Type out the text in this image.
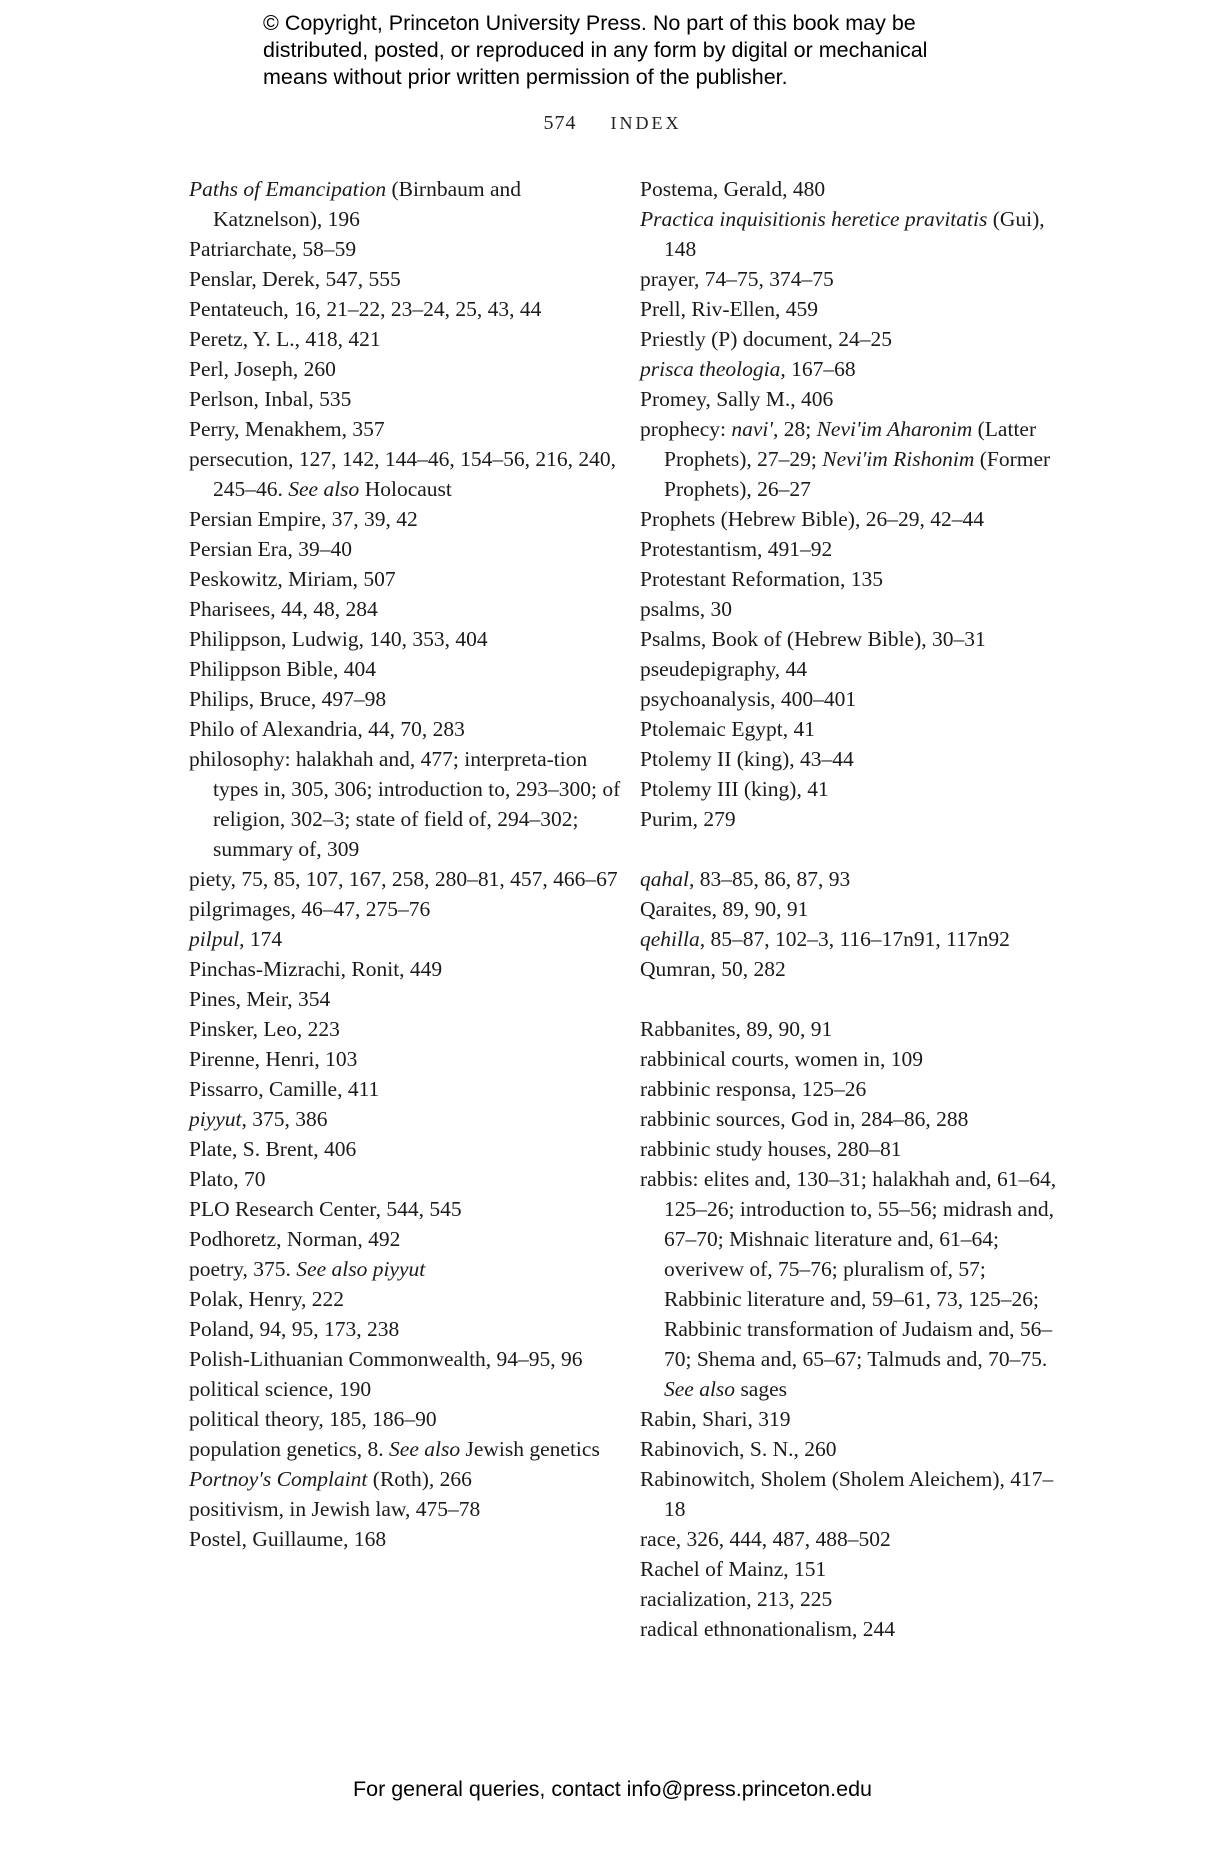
© Copyright, Princeton University Press. No part of this book may be
distributed, posted, or reproduced in any form by digital or mechanical
means without prior written permission of the publisher.
574 INDEX

Paths of Emancipation (Birnbaum and Katznelson), 196

Patriarchate, 58–59

Penslar, Derek, 547, 555

Pentateuch, 16, 21–22, 23–24, 25, 43, 44

Peretz, Y. L., 418, 421

Perl, Joseph, 260

Perlson, Inbal, 535

Perry, Menakhem, 357

persecution, 127, 142, 144–46, 154–56, 216, 240, 245–46. See also Holocaust

Persian Empire, 37, 39, 42

Persian Era, 39–40

Peskowitz, Miriam, 507

Pharisees, 44, 48, 284

Philippson, Ludwig, 140, 353, 404

Philippson Bible, 404

Philips, Bruce, 497–98

Philo of Alexandria, 44, 70, 283

philosophy: halakhah and, 477; interpreta-tion types in, 305, 306; introduction to, 293–300; of religion, 302–3; state of field of, 294–302; summary of, 309

piety, 75, 85, 107, 167, 258, 280–81, 457, 466–67

pilgrimages, 46–47, 275–76

pilpul, 174

Pinchas-Mizrachi, Ronit, 449

Pines, Meir, 354

Pinsker, Leo, 223

Pirenne, Henri, 103

Pissarro, Camille, 411

piyyut, 375, 386

Plate, S. Brent, 406

Plato, 70

PLO Research Center, 544, 545

Podhoretz, Norman, 492

poetry, 375. See also piyyut

Polak, Henry, 222

Poland, 94, 95, 173, 238

Polish-Lithuanian Commonwealth, 94–95, 96

political science, 190

political theory, 185, 186–90

population genetics, 8. See also Jewish genetics

Portnoy's Complaint (Roth), 266

positivism, in Jewish law, 475–78

Postel, Guillaume, 168

Postema, Gerald, 480

Practica inquisitionis heretice pravitatis (Gui), 148

prayer, 74–75, 374–75

Prell, Riv-Ellen, 459

Priestly (P) document, 24–25

prisca theologia, 167–68

Promey, Sally M., 406

prophecy: navi', 28; Nevi'im Aharonim (Latter Prophets), 27–29; Nevi'im Rishonim (Former Prophets), 26–27

Prophets (Hebrew Bible), 26–29, 42–44

Protestantism, 491–92

Protestant Reformation, 135

psalms, 30

Psalms, Book of (Hebrew Bible), 30–31

pseudepigraphy, 44

psychoanalysis, 400–401

Ptolemaic Egypt, 41

Ptolemy II (king), 43–44

Ptolemy III (king), 41

Purim, 279

qahal, 83–85, 86, 87, 93

Qaraites, 89, 90, 91

qehilla, 85–87, 102–3, 116–17n91, 117n92

Qumran, 50, 282

Rabbanites, 89, 90, 91

rabbinical courts, women in, 109

rabbinic responsa, 125–26

rabbinic sources, God in, 284–86, 288

rabbinic study houses, 280–81

rabbis: elites and, 130–31; halakhah and, 61–64, 125–26; introduction to, 55–56; midrash and, 67–70; Mishnaic literature and, 61–64; overivew of, 75–76; pluralism of, 57; Rabbinic literature and, 59–61, 73, 125–26; Rabbinic transformation of Judaism and, 56–70; Shema and, 65–67; Talmuds and, 70–75. See also sages

Rabin, Shari, 319

Rabinovich, S. N., 260

Rabinowitch, Sholem (Sholem Aleichem), 417–18

race, 326, 444, 487, 488–502

Rachel of Mainz, 151

racialization, 213, 225

radical ethnonationalism, 244

For general queries, contact info@press.princeton.edu
